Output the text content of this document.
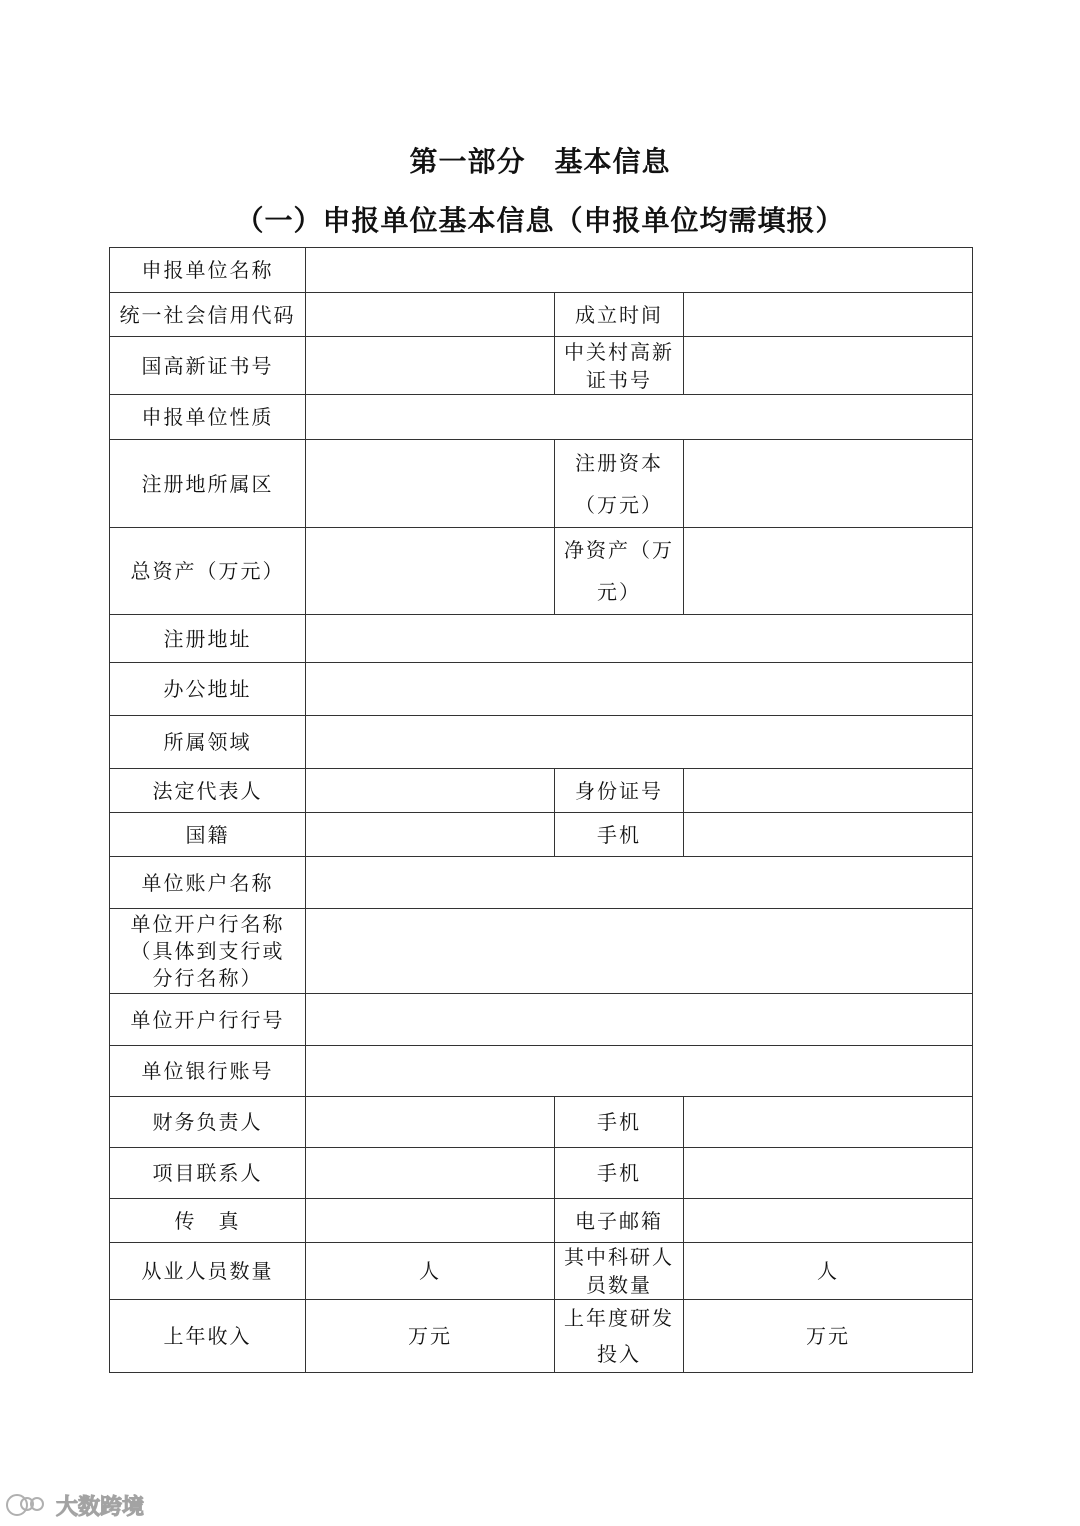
第一部分　基本信息
（一）申报单位基本信息（申报单位均需填报）
申报单位名称			
统一社会信用代码		成立时间	
国高新证书号		中关村高新证书号	
申报单位性质			
注册地所属区		注册资本（万元）	
总资产（万元）		净资产（万元）	
注册地址			
办公地址			
所属领域			
法定代表人		身份证号	
国籍		手机	
单位账户名称			
单位开户行名称（具体到支行或分行名称）			
单位开户行行号			
单位银行账号			
财务负责人		手机	
项目联系人		手机	
传　真		电子邮箱	
从业人员数量	人	其中科研人员数量	人
上年收入	万元	上年度研发投入	万元
大数跨境
